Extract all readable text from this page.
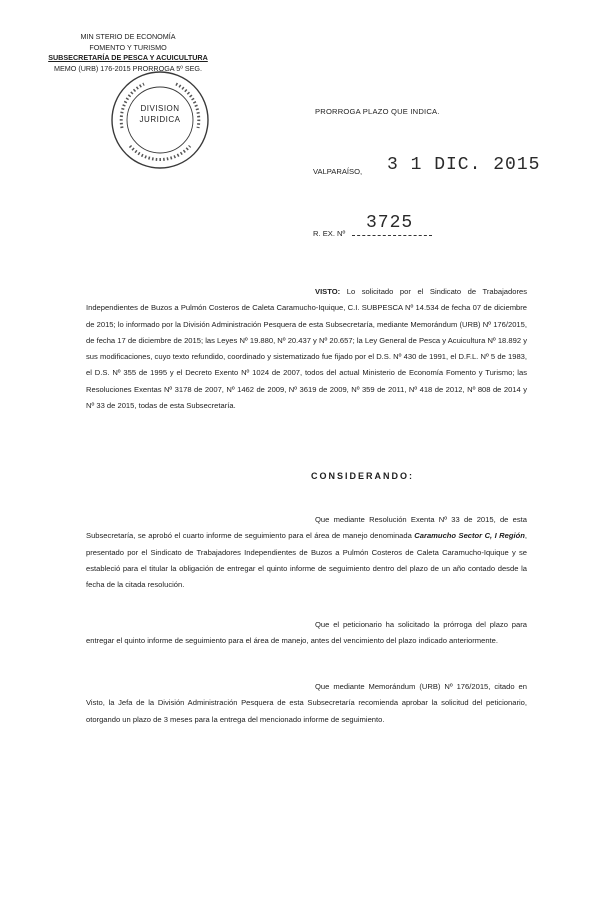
MIN STERIO DE ECONOMÍA
FOMENTO Y TURISMO
SUBSECRETARÍA DE PESCA Y ACUICULTURA
MEMO (URB) 176-2015 PRORROGA 5º SEG.
DIVISION
JURIDICA
PRORROGA PLAZO QUE INDICA.
VALPARAÍSO, 3 1 DIC. 2015
R. EX. Nº
3725
VISTO: Lo solicitado por el Sindicato de Trabajadores Independientes de Buzos a Pulmón Costeros de Caleta Caramucho-Iquique, C.I. SUBPESCA Nº 14.534 de fecha 07 de diciembre de 2015; lo informado por la División Administración Pesquera de esta Subsecretaría, mediante Memorándum (URB) Nº 176/2015, de fecha 17 de diciembre de 2015; las Leyes Nº 19.880, Nº 20.437 y Nº 20.657; la Ley General de Pesca y Acuicultura Nº 18.892 y sus modificaciones, cuyo texto refundido, coordinado y sistematizado fue fijado por el D.S. Nº 430 de 1991, el D.F.L. Nº 5 de 1983, el D.S. Nº 355 de 1995 y el Decreto Exento Nº 1024 de 2007, todos del actual Ministerio de Economía Fomento y Turismo; las Resoluciones Exentas Nº 3178 de 2007, Nº 1462 de 2009, Nº 3619 de 2009, Nº 359 de 2011, Nº 418 de 2012, Nº 808 de 2014 y Nº 33 de 2015, todas de esta Subsecretaría.
CONSIDERANDO:
Que mediante Resolución Exenta Nº 33 de 2015, de esta Subsecretaría, se aprobó el cuarto informe de seguimiento para el área de manejo denominada Caramucho Sector C, I Región, presentado por el Sindicato de Trabajadores Independientes de Buzos a Pulmón Costeros de Caleta Caramucho-Iquique y se estableció para el titular la obligación de entregar el quinto informe de seguimiento dentro del plazo de un año contado desde la fecha de la citada resolución.
Que el peticionario ha solicitado la prórroga del plazo para entregar el quinto informe de seguimiento para el área de manejo, antes del vencimiento del plazo indicado anteriormente.
Que mediante Memorándum (URB) Nº 176/2015, citado en Visto, la Jefa de la División Administración Pesquera de esta Subsecretaría recomienda aprobar la solicitud del peticionario, otorgando un plazo de 3 meses para la entrega del mencionado informe de seguimiento.
